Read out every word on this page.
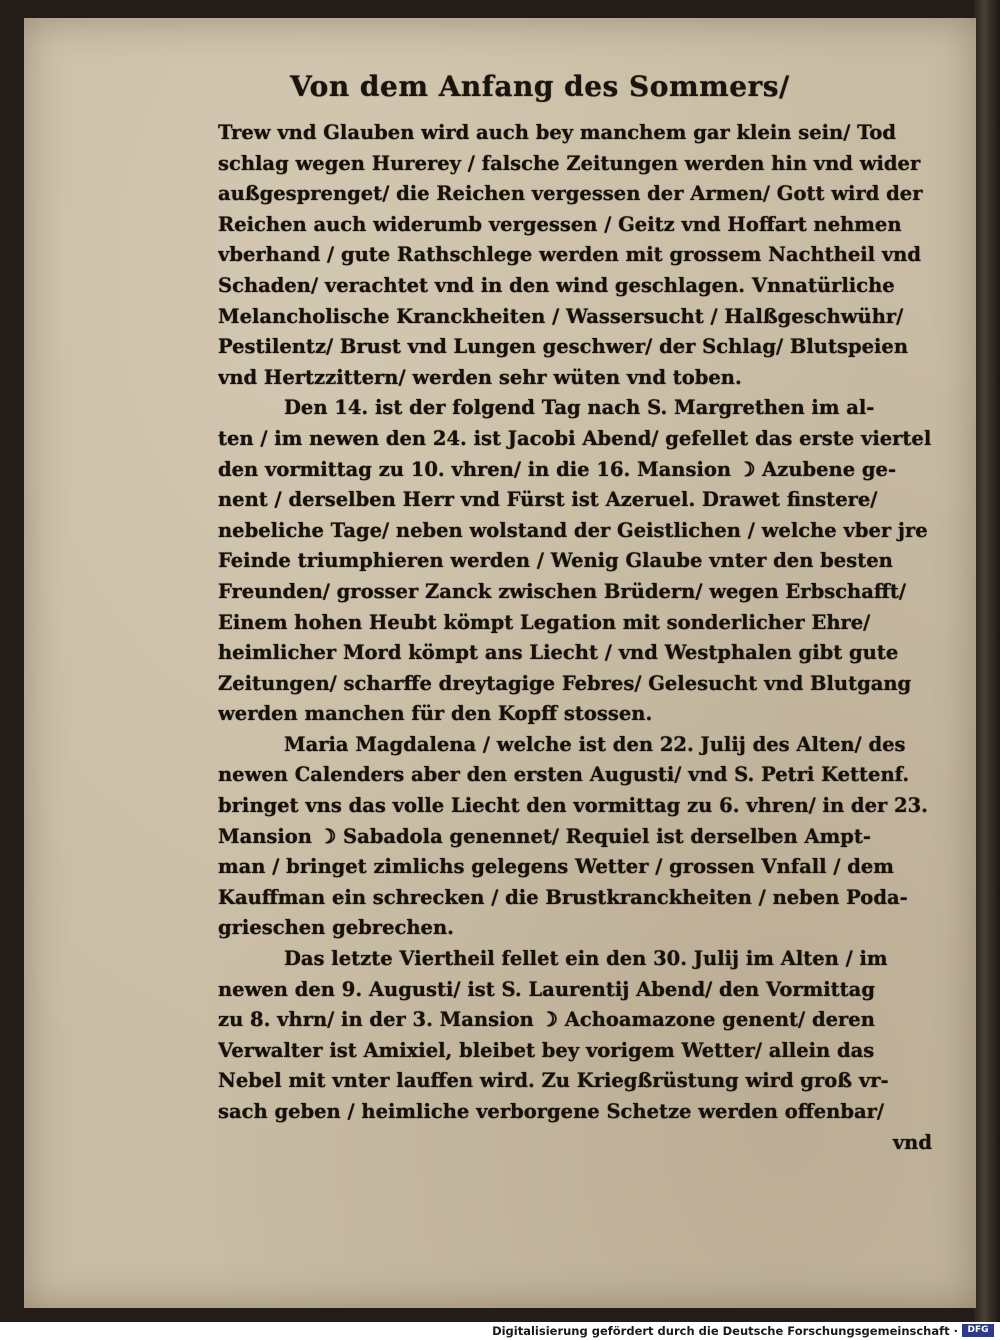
Von dem Anfang des Sommers/
Trew vnd Glauben wird auch bey manchem gar klein sein/ Tod
schlag wegen Hurerey / falsche Zeitungen werden hin vnd wider
außgesprenget/ die Reichen vergessen der Armen/ Gott wird der
Reichen auch widerumb vergessen / Geitz vnd Hoffart nehmen
vberhand / gute Rathschlege werden mit grossem Nachtheil vnd
Schaden/ verachtet vnd in den wind geschlagen. Vnnatürliche
Melancholische Kranckheiten / Wassersucht / Halßgeschwühr/
Pestilentz/ Brust vnd Lungen geschwer/ der Schlag/ Blutspeien
vnd Hertzzittern/ werden sehr wüten vnd toben.
Den 14. ist der folgend Tag nach S. Margrethen im al-
ten / im newen den 24. ist Jacobi Abend/ gefellet das erste viertel
den vormittag zu 10. vhren/ in die 16. Mansion ☽ Azubene ge-
nent / derselben Herr vnd Fürst ist Azeruel. Drawet finstere/
nebeliche Tage/ neben wolstand der Geistlichen / welche vber jre
Feinde triumphieren werden / Wenig Glaube vnter den besten
Freunden/ grosser Zanck zwischen Brüdern/ wegen Erbschafft/
Einem hohen Heubt kömpt Legation mit sonderlicher Ehre/
heimlicher Mord kömpt ans Liecht / vnd Westphalen gibt gute
Zeitungen/ scharffe dreytagige Febres/ Gelesucht vnd Blutgang
werden manchen für den Kopff stossen.
Maria Magdalena / welche ist den 22. Julij des Alten/ des
newen Calenders aber den ersten Augusti/ vnd S. Petri Kettenf.
bringet vns das volle Liecht den vormittag zu 6. vhren/ in der 23.
Mansion ☽ Sabadola genennet/ Requiel ist derselben Ampt-
man / bringet zimlichs gelegens Wetter / grossen Vnfall / dem
Kauffman ein schrecken / die Brustkranckheiten / neben Poda-
grieschen gebrechen.
Das letzte Viertheil fellet ein den 30. Julij im Alten / im
newen den 9. Augusti/ ist S. Laurentij Abend/ den Vormittag
zu 8. vhrn/ in der 3. Mansion ☽ Achoamazone genent/ deren
Verwalter ist Amixiel, bleibet bey vorigem Wetter/ allein das
Nebel mit vnter lauffen wird. Zu Kriegßrüstung wird groß vr-
sach geben / heimliche verborgene Schetze werden offenbar/
vnd
Digitalisierung gefördert durch die Deutsche Forschungsgemeinschaft ·	DFG
